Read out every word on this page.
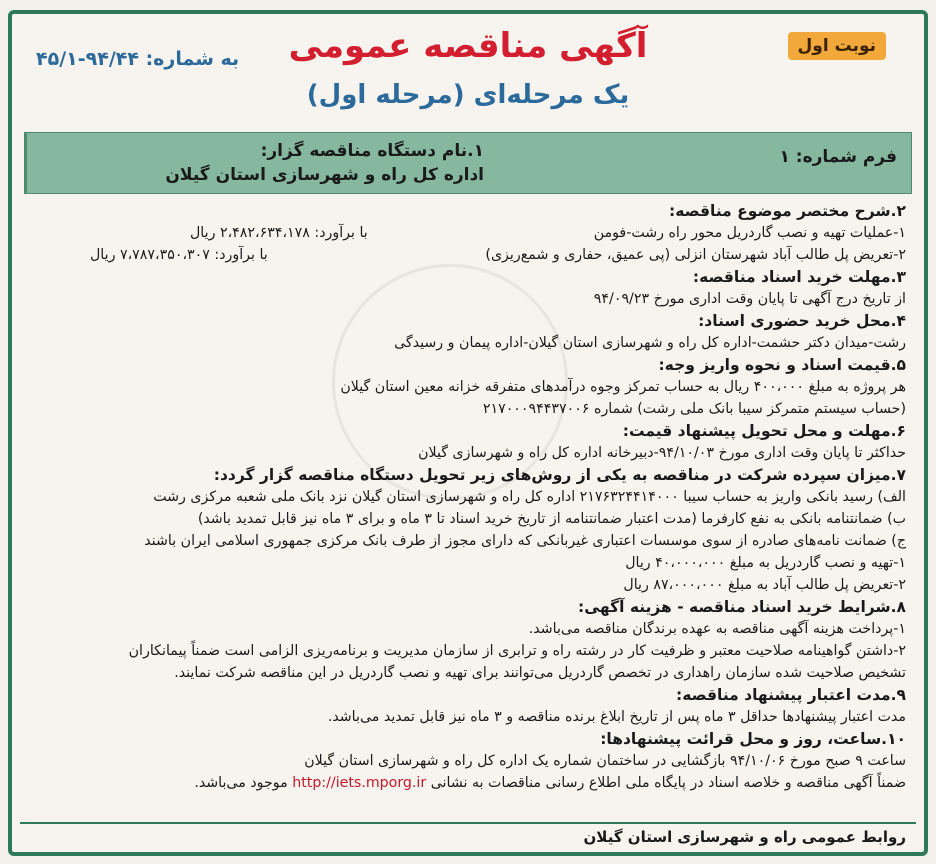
نوبت اول
آگهی مناقصه عمومی
یک مرحله‌ای (مرحله اول)
به شماره: ۹۴/۴۴-۴۵/۱
۱.نام دستگاه مناقصه گزار:
اداره کل راه و شهرسازی استان گیلان
فرم شماره: ۱
۲.شرح مختصر موضوع مناقصه:
۱-عملیات تهیه و نصب گاردریل محور راه رشت-فومن
با برآورد: ۲،۴۸۲،۶۳۴،۱۷۸ ریال
۲-تعریض پل طالب آباد شهرستان انزلی (پی عمیق، حفاری و شمع‌ریزی)
با برآورد: ۷،۷۸۷،۳۵۰،۳۰۷ ریال
۳.مهلت خرید اسناد مناقصه:
از تاریخ درج آگهی تا پایان وقت اداری مورخ ۹۴/۰۹/۲۳
۴.محل خرید حضوری اسناد:
رشت-میدان دکتر حشمت-اداره کل راه و شهرسازی استان گیلان-اداره پیمان و رسیدگی
۵.قیمت اسناد و نحوه واریز وجه:
هر پروژه به مبلغ ۴۰۰،۰۰۰ ریال به حساب تمرکز وجوه درآمدهای متفرقه خزانه معین استان گیلان
(حساب سیستم متمرکز سیبا بانک ملی رشت) شماره ۲۱۷۰۰۰۹۴۴۳۷۰۰۶
۶.مهلت و محل تحویل پیشنهاد قیمت:
حداکثر تا پایان وقت اداری مورخ ۹۴/۱۰/۰۳-دبیرخانه اداره کل راه و شهرسازی گیلان
۷.میزان سپرده شرکت در مناقصه به یکی از روش‌های زیر تحویل دستگاه مناقصه گزار گردد:
الف) رسید بانکی واریز به حساب سیبا ۲۱۷۶۳۲۴۴۱۴۰۰۰ اداره کل راه و شهرسازی استان گیلان نزد بانک ملی شعبه مرکزی رشت
ب) ضمانتنامه بانکی به نفع کارفرما (مدت اعتبار ضمانتنامه از تاریخ خرید اسناد تا ۳ ماه و برای ۳ ماه نیز قابل تمدید باشد)
ج) ضمانت نامه‌های صادره از سوی موسسات اعتباری غیربانکی که دارای مجوز از طرف بانک مرکزی جمهوری اسلامی ایران باشند
۱-تهیه و نصب گاردریل به مبلغ ۴۰،۰۰۰،۰۰۰ ریال
۲-تعریض پل طالب آباد به مبلغ ۸۷،۰۰۰،۰۰۰ ریال
۸.شرایط خرید اسناد مناقصه - هزینه آگهی:
۱-پرداخت هزینه آگهی مناقصه به عهده برندگان مناقصه می‌باشد.
۲-داشتن گواهینامه صلاحیت معتبر و ظرفیت کار در رشته راه و ترابری از سازمان مدیریت و برنامه‌ریزی الزامی است ضمناً پیمانکاران
تشخیص صلاحیت شده سازمان راهداری در تخصص گاردریل می‌توانند برای تهیه و نصب گاردریل در این مناقصه شرکت نمایند.
۹.مدت اعتبار پیشنهاد مناقصه:
مدت اعتبار پیشنهادها حداقل ۳ ماه پس از تاریخ ابلاغ برنده مناقصه و ۳ ماه نیز قابل تمدید می‌باشد.
۱۰.ساعت، روز و محل قرائت پیشنهادها:
ساعت ۹ صبح مورخ ۹۴/۱۰/۰۶ بازگشایی در ساختمان شماره یک اداره کل راه و شهرسازی استان گیلان
ضمناً آگهی مناقصه و خلاصه اسناد در پایگاه ملی اطلاع رسانی مناقصات به نشانی http://iets.mporg.ir موجود می‌باشد.
روابط عمومی راه و شهرسازی استان گیلان
